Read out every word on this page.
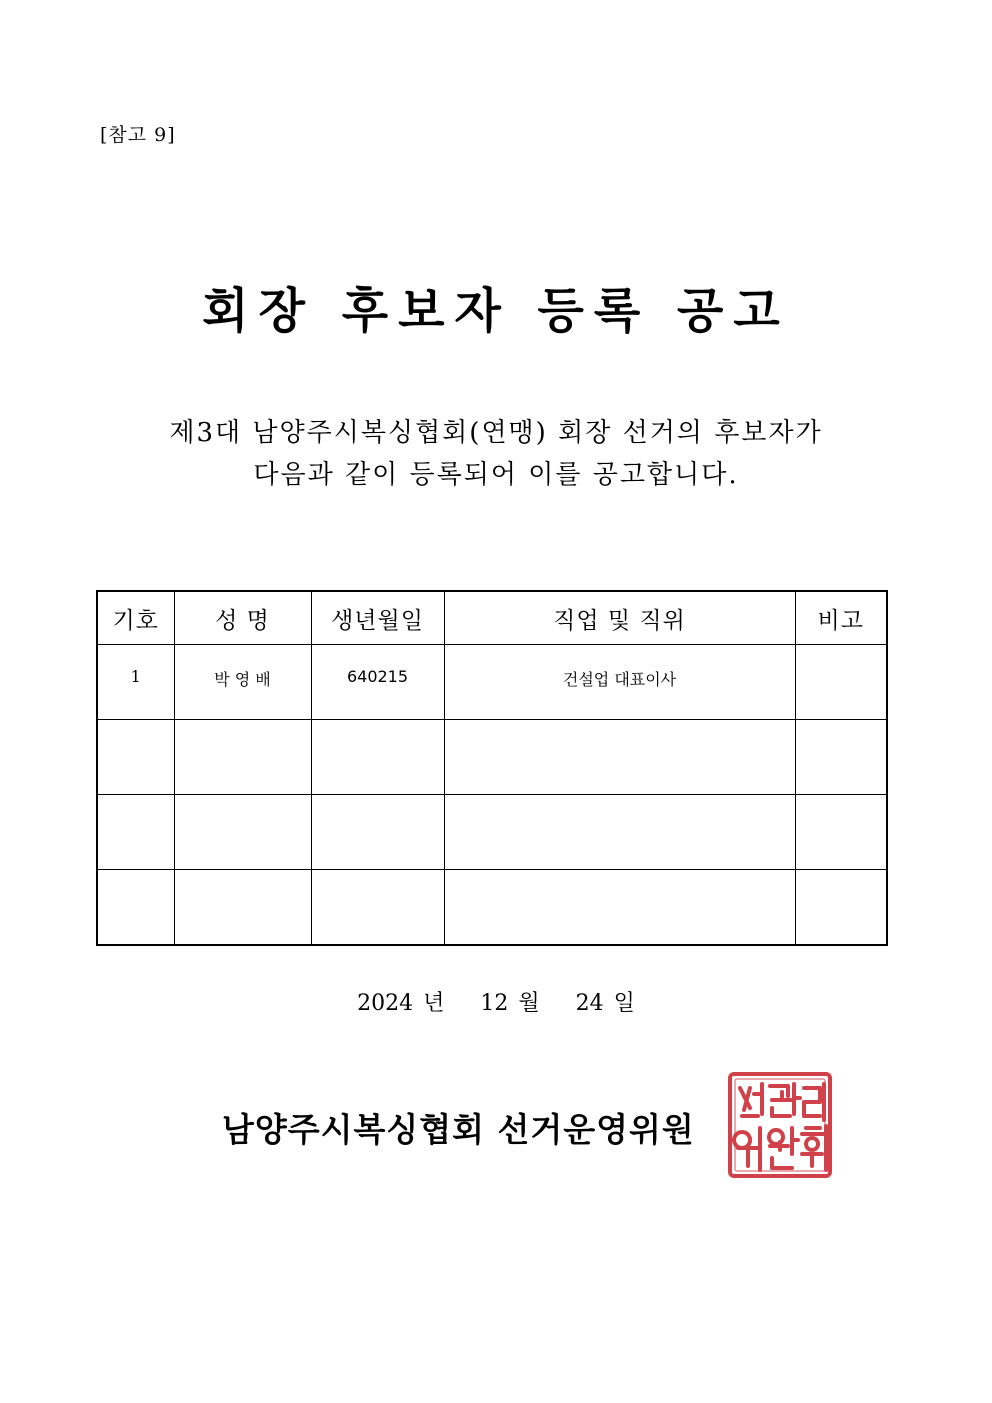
[참고 9]
회장 후보자 등록 공고
제3대 남양주시복싱협회(연맹) 회장 선거의 후보자가
다음과 같이 등록되어 이를 공고합니다.
기호	성 명	생년월일	직업 및 직위	비고
1	박 영 배	640215	건설업 대표이사	

2024 년 12 월 24 일
남양주시복싱협회 선거운영위원
